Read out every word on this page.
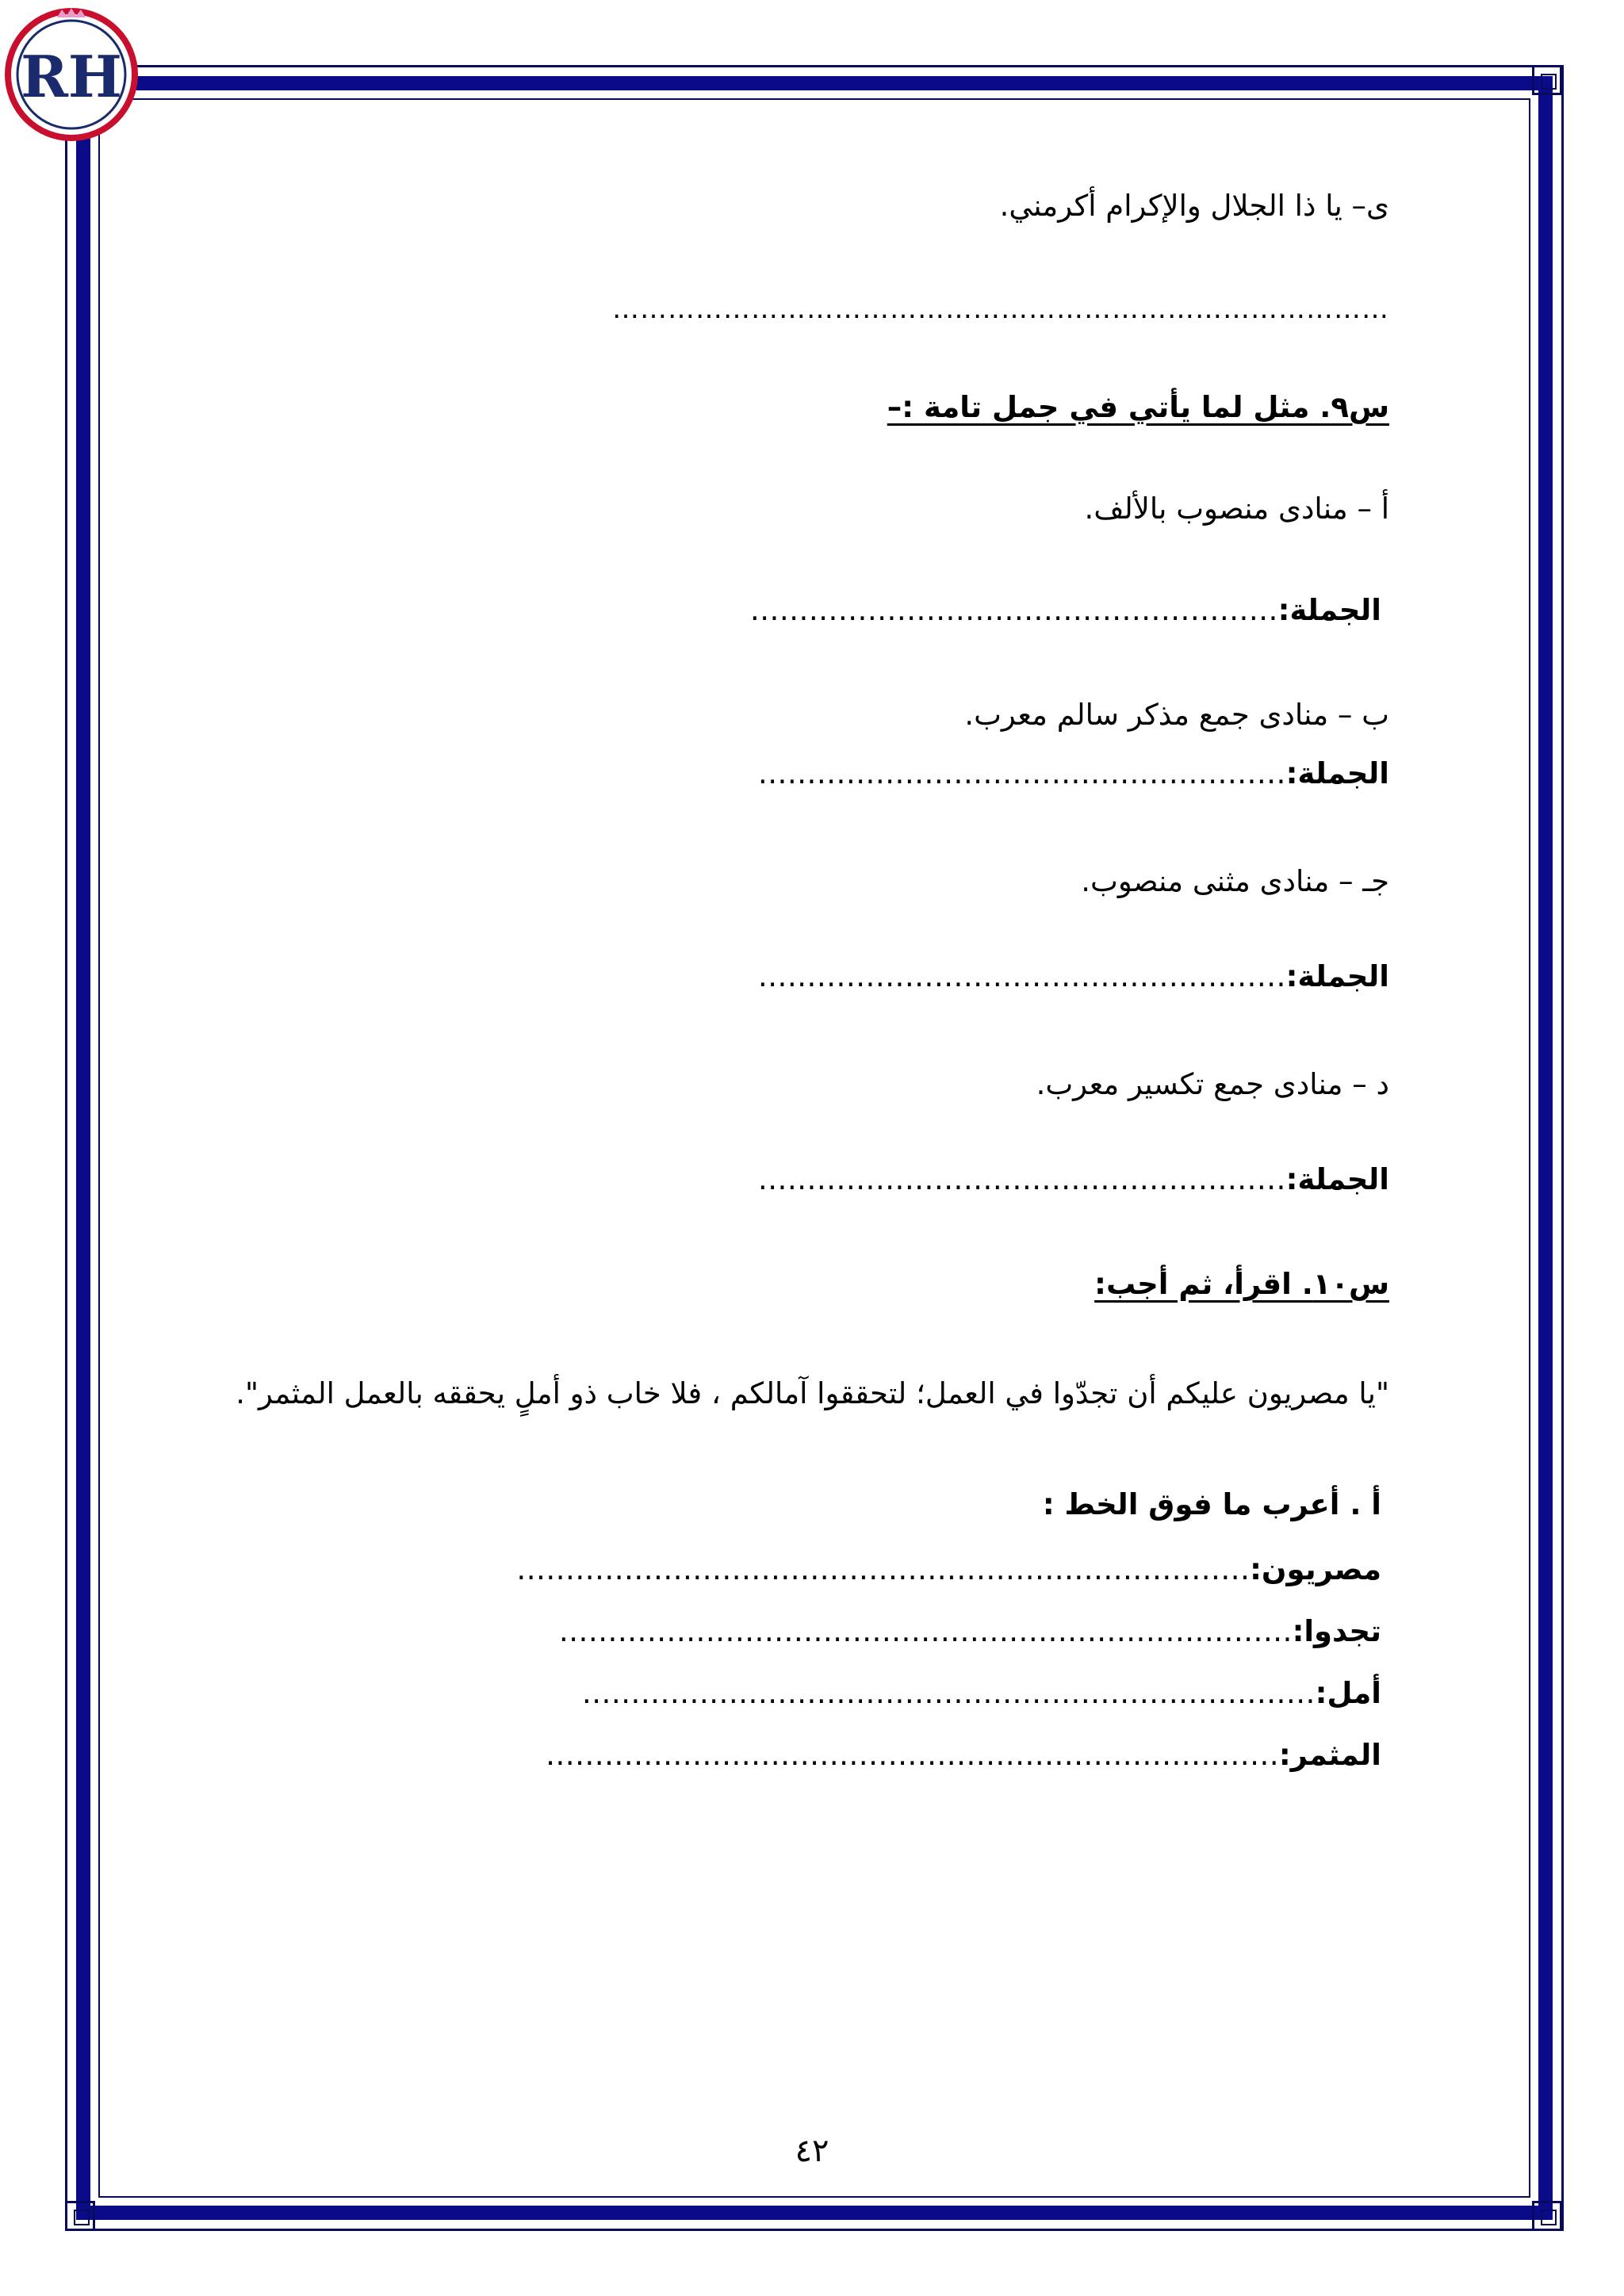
RH
ى– يا ذا الجلال والإكرام أكرمني.
…………………………………………………………………………
س٩. مثل لما يأتي في جمل تامة :–
أ – منادى منصوب بالألف.
الجملة:………………………………………………
ب – منادى جمع مذكر سالم معرب.
الجملة:………………………………………………
جـ – منادى مثنى منصوب.
الجملة:………………………………………………
د – منادى جمع تكسير معرب.
الجملة:………………………………………………
س١٠. اقرأ، ثم أجب:
"يا مصريون عليكم أن تجدّوا في العمل؛ لتحققوا آمالكم ، فلا خاب ذو أملٍ يحققه بالعمل المثمر".
أ . أعرب ما فوق الخط :
مصريون:…………………………………………………………………
تجدوا:…………………………………………………………………
أمل:…………………………………………………………………
المثمر:…………………………………………………………………
٤٢
